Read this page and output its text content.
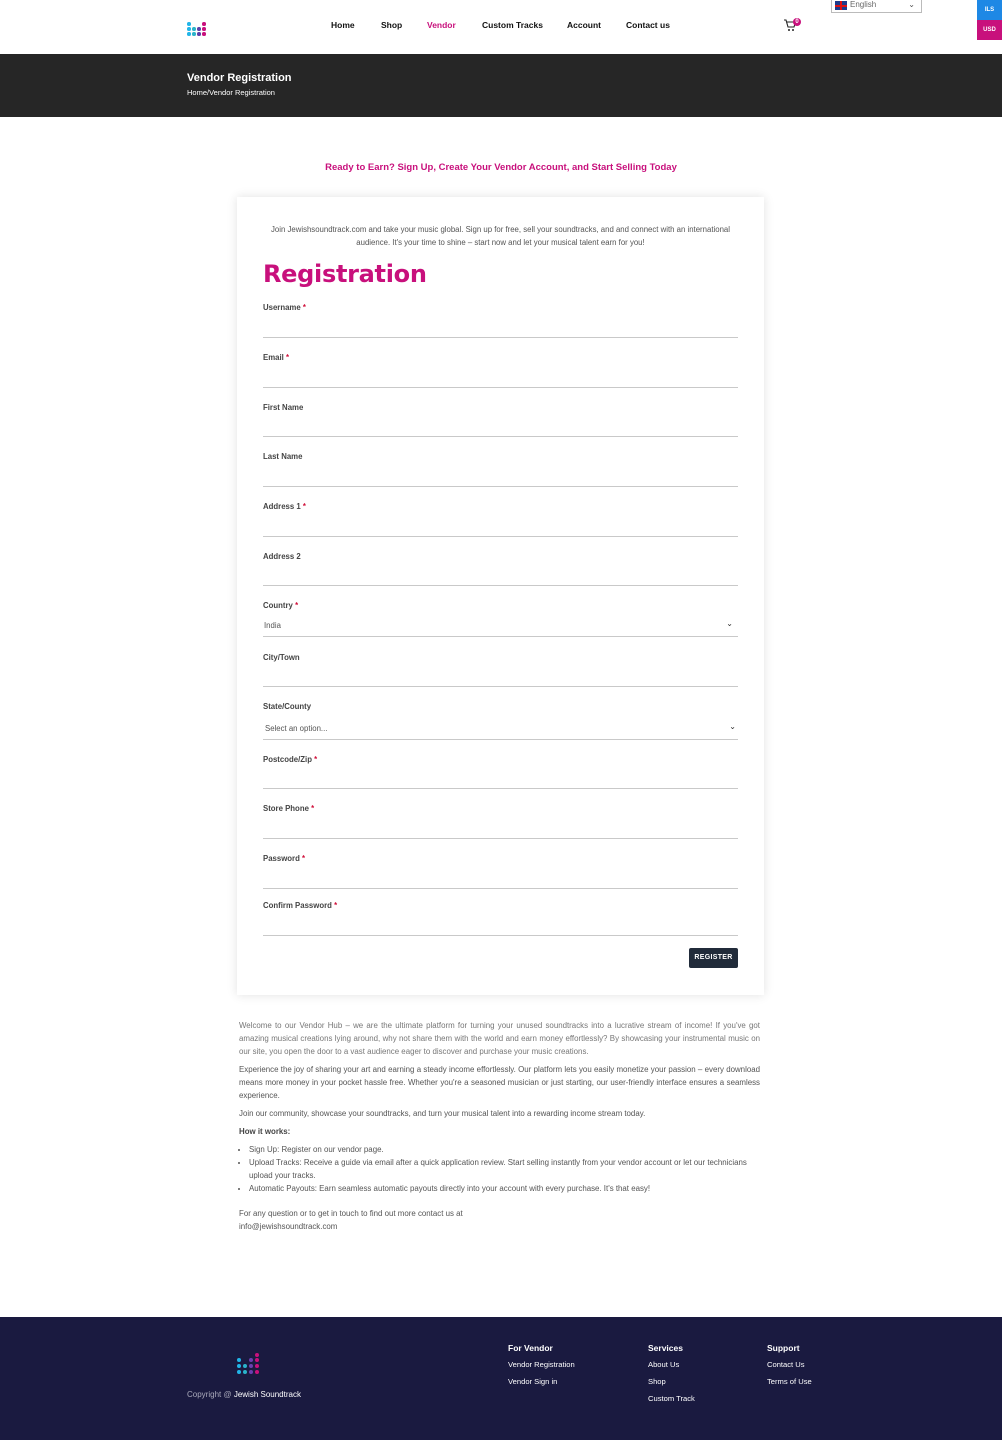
Home	Shop	Vendor	Custom Tracks	Account	Contact us	0
English	⌄
ILS
USD
Vendor Registration
Home/Vendor Registration
Ready to Earn? Sign Up, Create Your Vendor Account, and Start Selling Today
Join Jewishsoundtrack.com and take your music global. Sign up for free, sell your soundtracks, and and connect with an international audience. It's your time to shine – start now and let your musical talent earn for you!
Registration
Username *
Email *
First Name
Last Name
Address 1 *
Address 2
Country *
India	⌄
City/Town
State/County
Select an option...	⌄
Postcode/Zip *
Store Phone *
Password *
Confirm Password *
REGISTER

Welcome to our Vendor Hub – we are the ultimate platform for turning your unused soundtracks into a lucrative stream of income! If you've got amazing musical creations lying around, why not share them with the world and earn money effortlessly? By showcasing your instrumental music on our site, you open the door to a vast audience eager to discover and purchase your music creations.

Experience the joy of sharing your art and earning a steady income effortlessly. Our platform lets you easily monetize your passion – every download means more money in your pocket hassle free. Whether you're a seasoned musician or just starting, our user-friendly interface ensures a seamless experience.

Join our community, showcase your soundtracks, and turn your musical talent into a rewarding income stream today.

How it works:

• Sign Up: Register on our vendor page.
• Upload Tracks: Receive a guide via email after a quick application review. Start selling instantly from your vendor account or let our technicians upload your tracks.
• Automatic Payouts: Earn seamless automatic payouts directly into your account with every purchase. It's that easy!
For any question or to get in touch to find out more contact us at
info@jewishsoundtrack.com
Copyright @ Jewish Soundtrack
For Vendor
Vendor Registration
Vendor Sign in
Services
About Us
Shop
Custom Track
Support
Contact Us
Terms of Use
